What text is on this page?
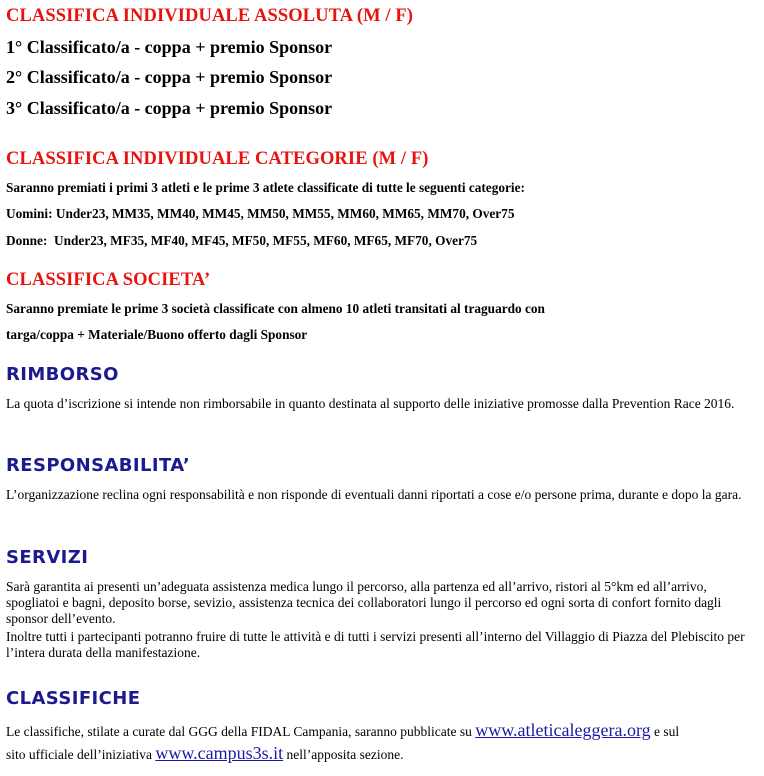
CLASSIFICA INDIVIDUALE ASSOLUTA (M / F)
1° Classificato/a - coppa + premio Sponsor
2° Classificato/a - coppa + premio Sponsor
3° Classificato/a - coppa + premio Sponsor
CLASSIFICA INDIVIDUALE CATEGORIE (M / F)
Saranno premiati i primi 3 atleti e le prime 3 atlete classificate di tutte le seguenti categorie:
Uomini: Under23, MM35, MM40, MM45, MM50, MM55, MM60, MM65, MM70, Over75
Donne:  Under23, MF35, MF40, MF45, MF50, MF55, MF60, MF65, MF70, Over75
CLASSIFICA SOCIETA’
Saranno premiate le prime 3 società classificate con almeno 10 atleti transitati al traguardo con
targa/coppa + Materiale/Buono offerto dagli Sponsor
RIMBORSO
La quota d’iscrizione si intende non rimborsabile in quanto destinata al supporto delle iniziative promosse dalla Prevention Race 2016.
RESPONSABILITA’
L’organizzazione reclina ogni responsabilità e non risponde di eventuali danni riportati a cose e/o persone prima, durante e dopo la gara.
SERVIZI
Sarà garantita ai presenti un’adeguata assistenza medica lungo il percorso, alla partenza ed all’arrivo, ristori al 5°km ed all’arrivo, spogliatoi e bagni, deposito borse, sevizio, assistenza tecnica dei collaboratori lungo il percorso ed ogni sorta di confort fornito dagli sponsor dell’evento.
Inoltre tutti i partecipanti potranno fruire di tutte le attività e di tutti i servizi presenti all’interno del Villaggio di Piazza del Plebiscito per l’intera durata della manifestazione.
CLASSIFICHE
Le classifiche, stilate a curate dal GGG della FIDAL Campania, saranno pubblicate su www.atleticaleggera.org e sul
sito ufficiale dell’iniziativa www.campus3s.it nell’apposita sezione.
